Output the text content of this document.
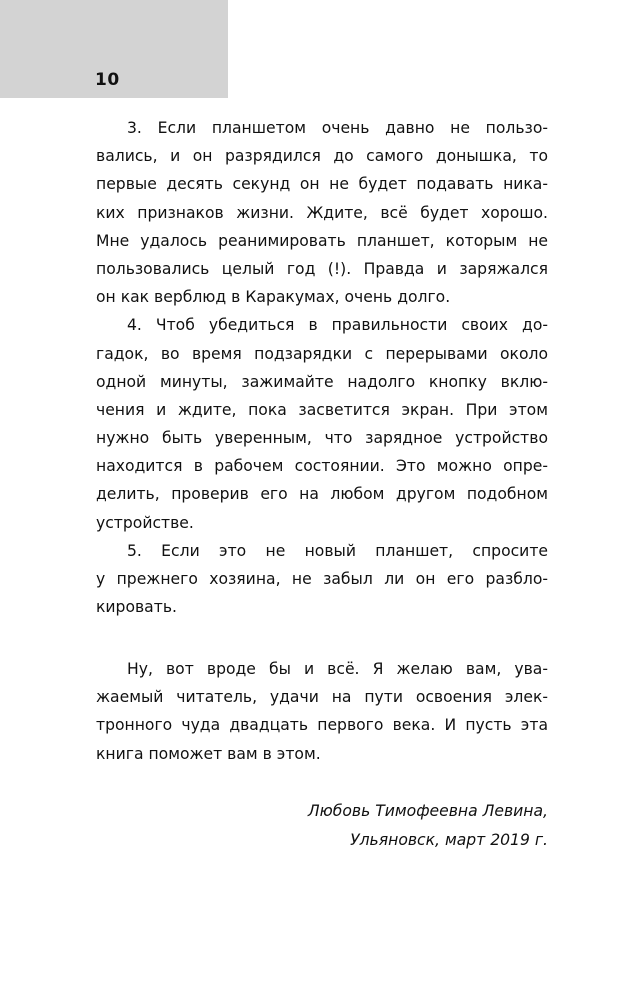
10
3. Если планшетом очень давно не пользо-
вались, и он разрядился до самого донышка, то
первые десять секунд он не будет подавать ника-
ких признаков жизни. Ждите, всё будет хорошо.
Мне удалось реанимировать планшет, которым не
пользовались целый год (!). Правда и заряжался
он как верблюд в Каракумах, очень долго.
4. Чтоб убедиться в правильности своих до-
гадок, во время подзарядки с перерывами около
одной минуты, зажимайте надолго кнопку вклю-
чения и ждите, пока засветится экран. При этом
нужно быть уверенным, что зарядное устройство
находится в рабочем состоянии. Это можно опре-
делить, проверив его на любом другом подобном
устройстве.
5. Если это не новый планшет, спросите
у прежнего хозяина, не забыл ли он его разбло-
кировать.
Ну, вот вроде бы и всё. Я желаю вам, ува-
жаемый читатель, удачи на пути освоения элек-
тронного чуда двадцать первого века. И пусть эта
книга поможет вам в этом.
Любовь Тимофеевна Левина,
Ульяновск, март 2019 г.
